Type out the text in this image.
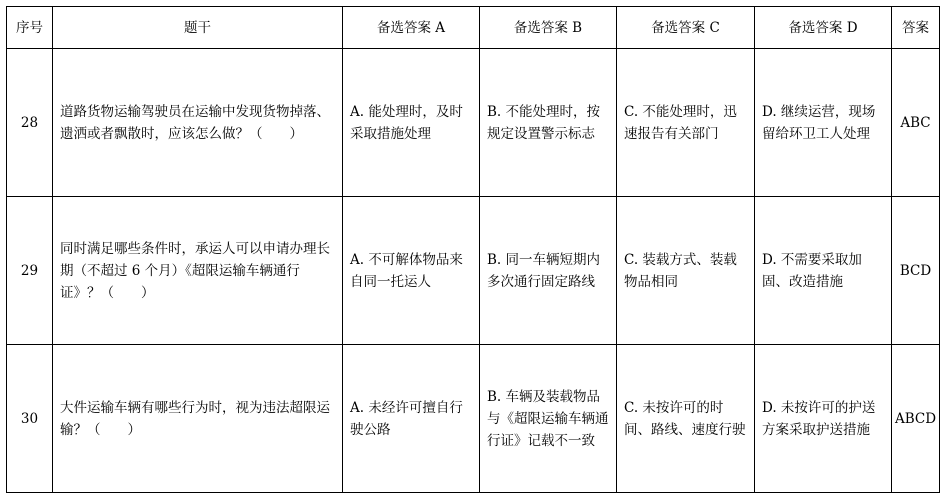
序号	题干	备选答案 A	备选答案 B	备选答案 C	备选答案 D	答案
28	道路货物运输驾驶员在运输中发现货物掉落、遗洒或者飘散时，应该怎么做？（　　）	A. 能处理时，及时采取措施处理	B. 不能处理时，按规定设置警示标志	C. 不能处理时，迅速报告有关部门	D. 继续运营，现场留给环卫工人处理	ABC
29	同时满足哪些条件时，承运人可以申请办理长期（不超过 6 个月）《超限运输车辆通行证》？（　　）	A. 不可解体物品来自同一托运人	B. 同一车辆短期内多次通行固定路线	C. 装载方式、装载物品相同	D. 不需要采取加固、改造措施	BCD
30	大件运输车辆有哪些行为时，视为违法超限运输？（　　）	A. 未经许可擅自行驶公路	B. 车辆及装载物品与《超限运输车辆通行证》记载不一致	C. 未按许可的时间、路线、速度行驶	D. 未按许可的护送方案采取护送措施	ABCD
